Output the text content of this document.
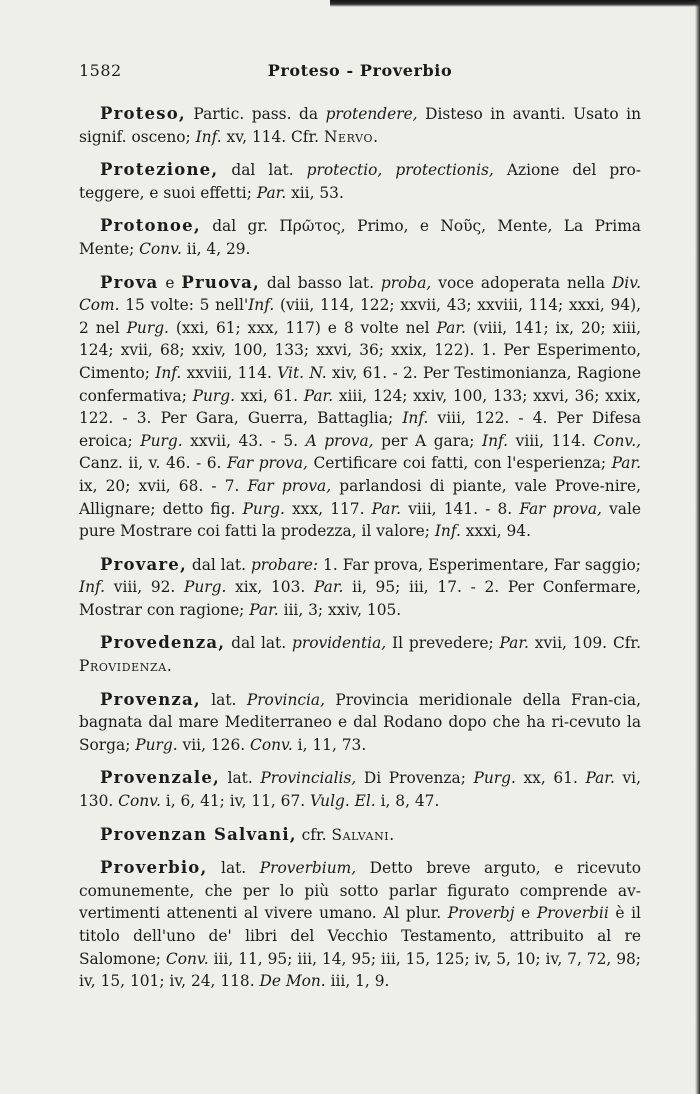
1582	Proteso - Proverbio

Proteso, Partic. pass. da protendere, Disteso in avanti. Usato in signif. osceno; Inf. xv, 114. Cfr. Nervo.

Protezione, dal lat. protectio, protectionis, Azione del pro-teggere, e suoi effetti; Par. xii, 53.

Protonoe, dal gr. Πρῶτος, Primo, e Νοῦς, Mente, La Prima Mente; Conv. ii, 4, 29.

Prova e Pruova, dal basso lat. proba, voce adoperata nella Div. Com. 15 volte: 5 nell'Inf. (viii, 114, 122; xxvii, 43; xxviii, 114; xxxi, 94), 2 nel Purg. (xxi, 61; xxx, 117) e 8 volte nel Par. (viii, 141; ix, 20; xiii, 124; xvii, 68; xxiv, 100, 133; xxvi, 36; xxix, 122). 1. Per Esperimento, Cimento; Inf. xxviii, 114. Vit. N. xiv, 61. - 2. Per Testimonianza, Ragione confermativa; Purg. xxi, 61. Par. xiii, 124; xxiv, 100, 133; xxvi, 36; xxix, 122. - 3. Per Gara, Guerra, Battaglia; Inf. viii, 122. - 4. Per Difesa eroica; Purg. xxvii, 43. - 5. A prova, per A gara; Inf. viii, 114. Conv., Canz. ii, v. 46. - 6. Far prova, Certificare coi fatti, con l'esperienza; Par. ix, 20; xvii, 68. - 7. Far prova, parlandosi di piante, vale Prove-nire, Allignare; detto fig. Purg. xxx, 117. Par. viii, 141. - 8. Far prova, vale pure Mostrare coi fatti la prodezza, il valore; Inf. xxxi, 94.

Provare, dal lat. probare: 1. Far prova, Esperimentare, Far saggio; Inf. viii, 92. Purg. xix, 103. Par. ii, 95; iii, 17. - 2. Per Confermare, Mostrar con ragione; Par. iii, 3; xxiv, 105.

Provedenza, dal lat. providentia, Il prevedere; Par. xvii, 109. Cfr. Providenza.

Provenza, lat. Provincia, Provincia meridionale della Fran-cia, bagnata dal mare Mediterraneo e dal Rodano dopo che ha ri-cevuto la Sorga; Purg. vii, 126. Conv. i, 11, 73.

Provenzale, lat. Provincialis, Di Provenza; Purg. xx, 61. Par. vi, 130. Conv. i, 6, 41; iv, 11, 67. Vulg. El. i, 8, 47.

Provenzan Salvani, cfr. Salvani.

Proverbio, lat. Proverbium, Detto breve arguto, e ricevuto comunemente, che per lo più sotto parlar figurato comprende av-vertimenti attenenti al vivere umano. Al plur. Proverbj e Proverbii è il titolo dell'uno de' libri del Vecchio Testamento, attribuito al re Salomone; Conv. iii, 11, 95; iii, 14, 95; iii, 15, 125; iv, 5, 10; iv, 7, 72, 98; iv, 15, 101; iv, 24, 118. De Mon. iii, 1, 9.
